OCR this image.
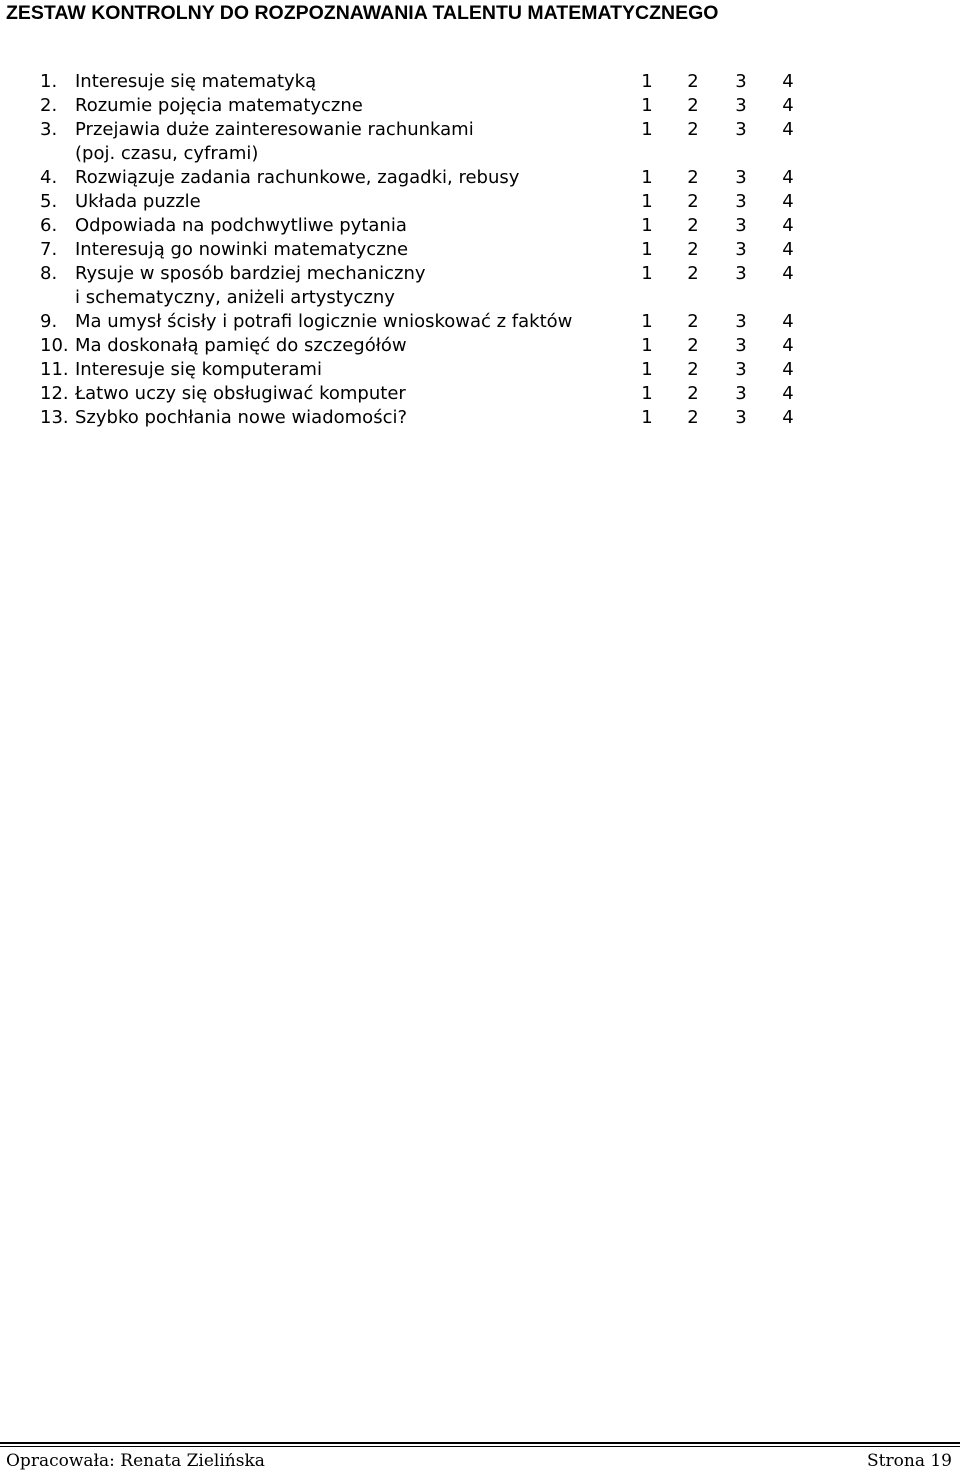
ZESTAW KONTROLNY DO ROZPOZNAWANIA TALENTU MATEMATYCZNEGO
1. Interesuje się matematyką	1 2 3 4
2. Rozumie pojęcia matematyczne	1 2 3 4
3. Przejawia duże zainteresowanie rachunkami	1 2 3 4
(poj. czasu, cyframi)
4. Rozwiązuje zadania rachunkowe, zagadki, rebusy	1 2 3 4
5. Układa puzzle	1 2 3 4
6. Odpowiada na podchwytliwe pytania	1 2 3 4
7. Interesują go nowinki matematyczne	1 2 3 4
8. Rysuje w sposób bardziej mechaniczny	1 2 3 4
i schematyczny, aniżeli artystyczny
9. Ma umysł ścisły i potrafi logicznie wnioskować z faktów	1 2 3 4
10. Ma doskonałą pamięć do szczegółów	1 2 3 4
11. Interesuje się komputerami	1 2 3 4
12. Łatwo uczy się obsługiwać komputer	1 2 3 4
13. Szybko pochłania nowe wiadomości?	1 2 3 4
Opracowała: Renata Zielińska	Strona 19
